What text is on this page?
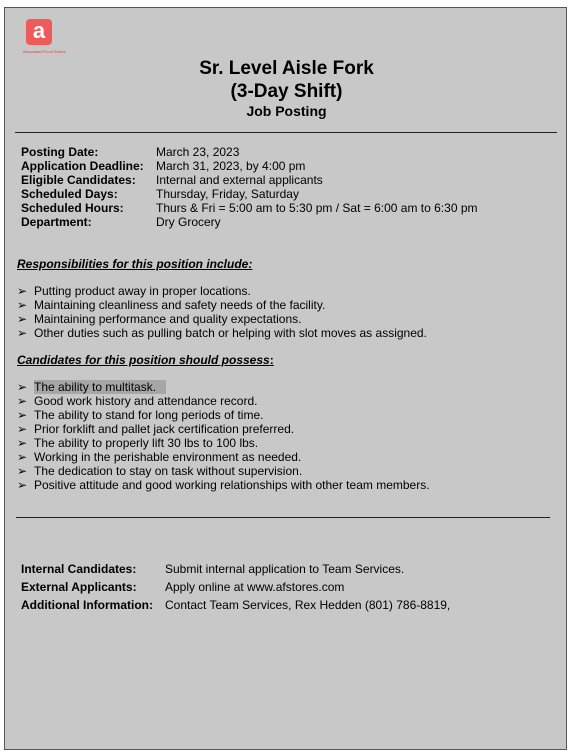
a
Associated Food Stores
Sr. Level Aisle Fork
(3-Day Shift)
Job Posting
Posting Date:	March 23, 2023
Application Deadline:	March 31, 2023, by 4:00 pm
Eligible Candidates:	Internal and external applicants
Scheduled Days:	Thursday, Friday, Saturday
Scheduled Hours:	Thurs & Fri = 5:00 am to 5:30 pm / Sat = 6:00 am to 6:30 pm
Department:	Dry Grocery
Responsibilities for this position include:
➢ Putting product away in proper locations.
➢ Maintaining cleanliness and safety needs of the facility.
➢ Maintaining performance and quality expectations.
➢ Other duties such as pulling batch or helping with slot moves as assigned.
Candidates for this position should possess:
➢ The ability to multitask.
➢ Good work history and attendance record.
➢ The ability to stand for long periods of time.
➢ Prior forklift and pallet jack certification preferred.
➢ The ability to properly lift 30 lbs to 100 lbs.
➢ Working in the perishable environment as needed.
➢ The dedication to stay on task without supervision.
➢ Positive attitude and good working relationships with other team members.
Internal Candidates:	Submit internal application to Team Services.
External Applicants:	Apply online at www.afstores.com
Additional Information:	Contact Team Services, Rex Hedden (801) 786-8819,
